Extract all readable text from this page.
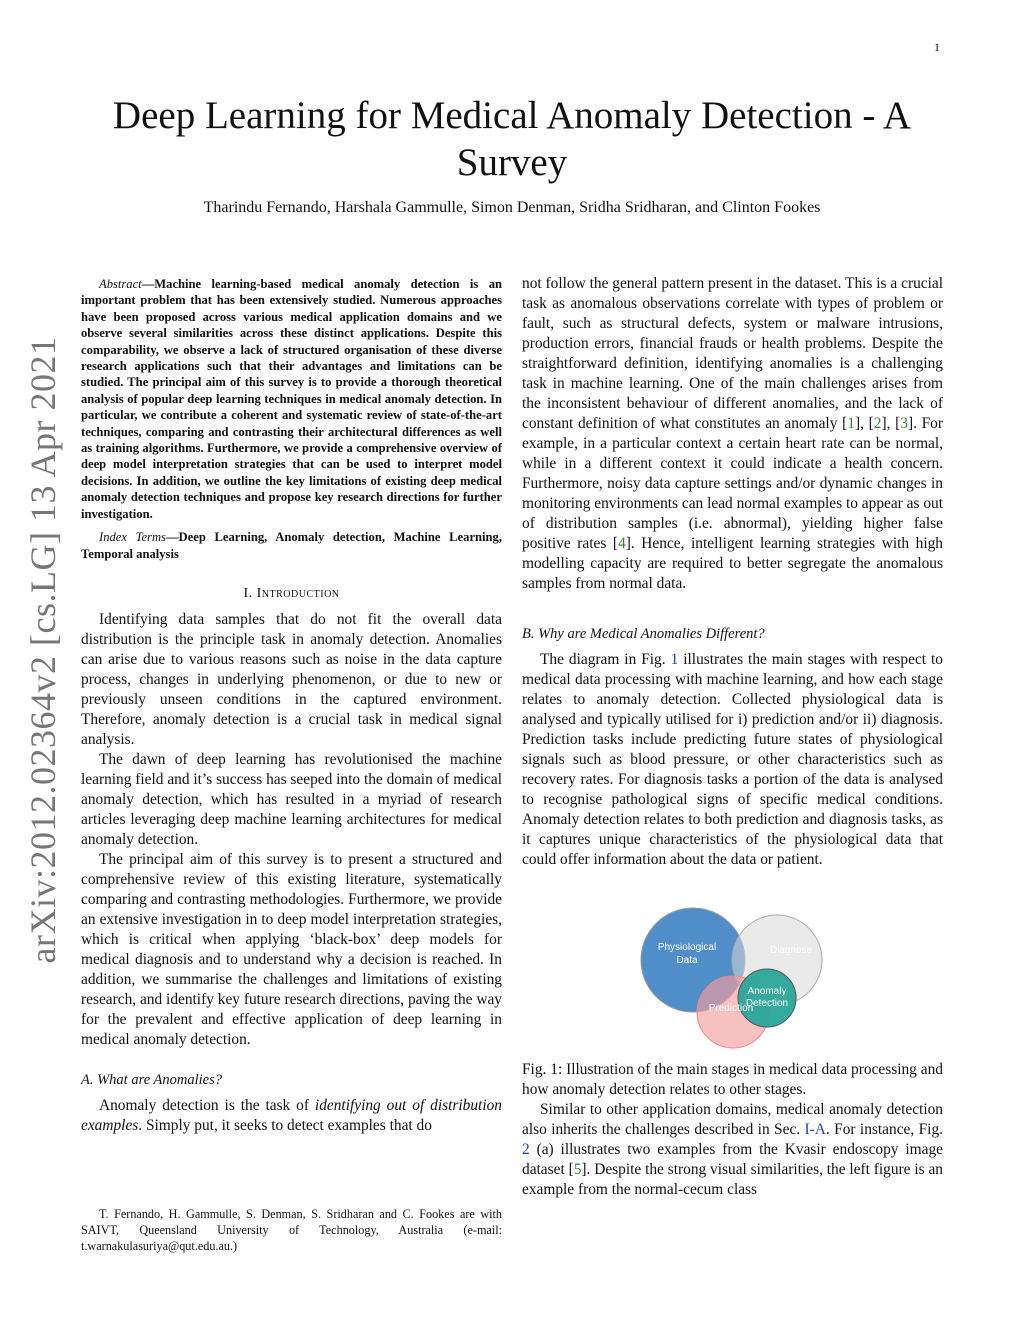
1
arXiv:2012.02364v2 [cs.LG] 13 Apr 2021
Deep Learning for Medical Anomaly Detection - A Survey
Tharindu Fernando, Harshala Gammulle, Simon Denman, Sridha Sridharan, and Clinton Fookes

Abstract—Machine learning-based medical anomaly detection is an important problem that has been extensively studied. Numerous approaches have been proposed across various medical application domains and we observe several similarities across these distinct applications. Despite this comparability, we observe a lack of structured organisation of these diverse research applications such that their advantages and limitations can be studied. The principal aim of this survey is to provide a thorough theoretical analysis of popular deep learning techniques in medical anomaly detection. In particular, we contribute a coherent and systematic review of state-of-the-art techniques, comparing and contrasting their architectural differences as well as training algorithms. Furthermore, we provide a comprehensive overview of deep model interpretation strategies that can be used to interpret model decisions. In addition, we outline the key limitations of existing deep medical anomaly detection techniques and propose key research directions for further investigation.

Index Terms—Deep Learning, Anomaly detection, Machine Learning, Temporal analysis

I. Introduction

Identifying data samples that do not fit the overall data distribution is the principle task in anomaly detection. Anomalies can arise due to various reasons such as noise in the data capture process, changes in underlying phenomenon, or due to new or previously unseen conditions in the captured environment. Therefore, anomaly detection is a crucial task in medical signal analysis.

The dawn of deep learning has revolutionised the machine learning field and it’s success has seeped into the domain of medical anomaly detection, which has resulted in a myriad of research articles leveraging deep machine learning architectures for medical anomaly detection.

The principal aim of this survey is to present a structured and comprehensive review of this existing literature, systematically comparing and contrasting methodologies. Furthermore, we provide an extensive investigation in to deep model interpretation strategies, which is critical when applying ‘black-box’ deep models for medical diagnosis and to understand why a decision is reached. In addition, we summarise the challenges and limitations of existing research, and identify key future research directions, paving the way for the prevalent and effective application of deep learning in medical anomaly detection.

A. What are Anomalies?

Anomaly detection is the task of identifying out of distribution examples. Simply put, it seeks to detect examples that do

T. Fernando, H. Gammulle, S. Denman, S. Sridharan and C. Fookes are with SAIVT, Queensland University of Technology, Australia (e-mail: t.warnakulasuriya@qut.edu.au.)

not follow the general pattern present in the dataset. This is a crucial task as anomalous observations correlate with types of problem or fault, such as structural defects, system or malware intrusions, production errors, financial frauds or health problems. Despite the straightforward definition, identifying anomalies is a challenging task in machine learning. One of the main challenges arises from the inconsistent behaviour of different anomalies, and the lack of constant definition of what constitutes an anomaly [1], [2], [3]. For example, in a particular context a certain heart rate can be normal, while in a different context it could indicate a health concern. Furthermore, noisy data capture settings and/or dynamic changes in monitoring environments can lead normal examples to appear as out of distribution samples (i.e. abnormal), yielding higher false positive rates [4]. Hence, intelligent learning strategies with high modelling capacity are required to better segregate the anomalous samples from normal data.

B. Why are Medical Anomalies Different?

The diagram in Fig. 1 illustrates the main stages with respect to medical data processing with machine learning, and how each stage relates to anomaly detection. Collected physiological data is analysed and typically utilised for i) prediction and/or ii) diagnosis. Prediction tasks include predicting future states of physiological signals such as blood pressure, or other characteristics such as recovery rates. For diagnosis tasks a portion of the data is analysed to recognise pathological signs of specific medical conditions. Anomaly detection relates to both prediction and diagnosis tasks, as it captures unique characteristics of the physiological data that could offer information about the data or patient.

Physiological
Data
Diagnose
Prediction
Anomaly
Detection
Fig. 1: Illustration of the main stages in medical data processing and how anomaly detection relates to other stages.

Similar to other application domains, medical anomaly detection also inherits the challenges described in Sec. I-A. For instance, Fig. 2 (a) illustrates two examples from the Kvasir endoscopy image dataset [5]. Despite the strong visual similarities, the left figure is an example from the normal-cecum class
